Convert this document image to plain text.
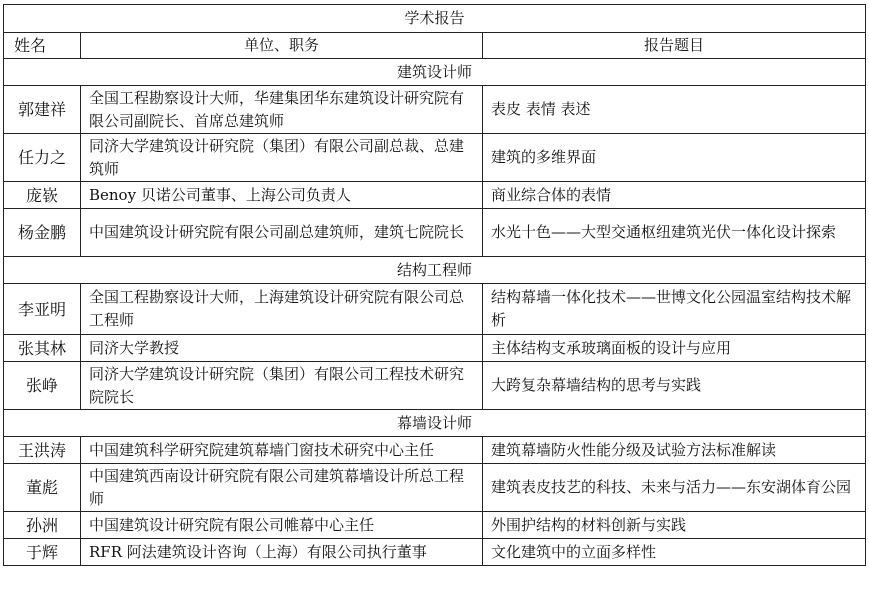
学术报告		
姓名	单位、职务	报告题目
建筑设计师		
郭建祥	全国工程勘察设计大师，华建集团华东建筑设计研究院有限公司副院长、首席总建筑师	表皮 表情 表述
任力之	同济大学建筑设计研究院（集团）有限公司副总裁、总建筑师	建筑的多维界面
庞嵚	Benoy 贝诺公司董事、上海公司负责人	商业综合体的表情
杨金鹏	中国建筑设计研究院有限公司副总建筑师，建筑七院院长	水光十色——大型交通枢纽建筑光伏一体化设计探索
结构工程师		
李亚明	全国工程勘察设计大师，上海建筑设计研究院有限公司总工程师	结构幕墙一体化技术——世博文化公园温室结构技术解析
张其林	同济大学教授	主体结构支承玻璃面板的设计与应用
张峥	同济大学建筑设计研究院（集团）有限公司工程技术研究院院长	大跨复杂幕墙结构的思考与实践
幕墙设计师		
王洪涛	中国建筑科学研究院建筑幕墙门窗技术研究中心主任	建筑幕墙防火性能分级及试验方法标准解读
董彪	中国建筑西南设计研究院有限公司建筑幕墙设计所总工程师	建筑表皮技艺的科技、未来与活力——东安湖体育公园
孙洲	中国建筑设计研究院有限公司帷幕中心主任	外围护结构的材料创新与实践
于辉	RFR 阿法建筑设计咨询（上海）有限公司执行董事	文化建筑中的立面多样性
